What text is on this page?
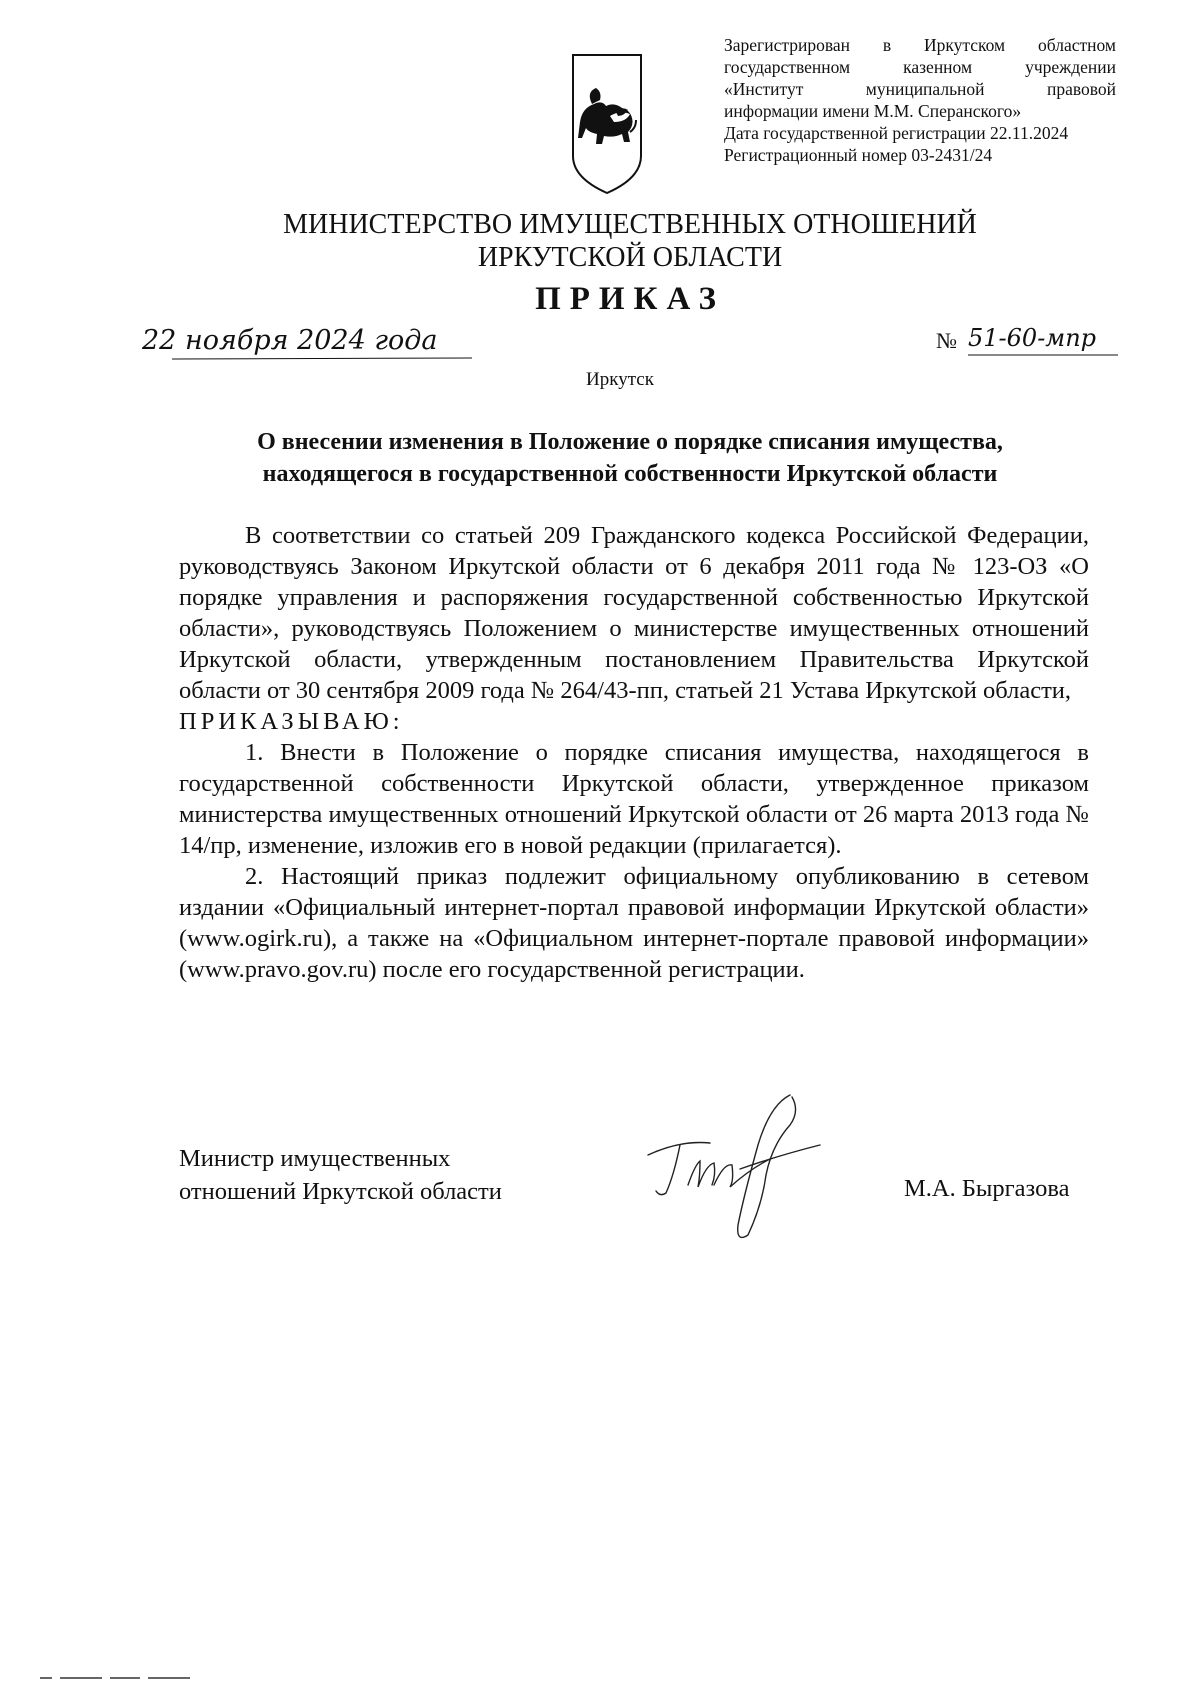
Зарегистрирован в Иркутском областном
государственном казенном учреждении
«Институт муниципальной правовой
информации имени М.М. Сперанского»
Дата государственной регистрации 22.11.2024
Регистрационный номер 03-2431/24
МИНИСТЕРСТВО ИМУЩЕСТВЕННЫХ ОТНОШЕНИЙ
ИРКУТСКОЙ ОБЛАСТИ
ПРИКАЗ
22 ноября 2024 года	№ 51-60-мпр
Иркутск
О внесении изменения в Положение о порядке списания имущества,
находящегося в государственной собственности Иркутской области

В соответствии со статьей 209 Гражданского кодекса Российской Федерации, руководствуясь Законом Иркутской области от 6 декабря 2011 года № 123-ОЗ «О порядке управления и распоряжения государственной собственностью Иркутской области», руководствуясь Положением о министерстве имущественных отношений Иркутской области, утвержденным постановлением Правительства Иркутской области от 30 сентября 2009 года № 264/43-пп, статьей 21 Устава Иркутской области,

ПРИКАЗЫВАЮ:

1. Внести в Положение о порядке списания имущества, находящегося в государственной собственности Иркутской области, утвержденное приказом министерства имущественных отношений Иркутской области от 26 марта 2013 года № 14/пр, изменение, изложив его в новой редакции (прилагается).

2. Настоящий приказ подлежит официальному опубликованию в сетевом издании «Официальный интернет-портал правовой информации Иркутской области» (www.ogirk.ru), а также на «Официальном интернет-портале правовой информации» (www.pravo.gov.ru) после его государственной регистрации.

Министр имущественных
отношений Иркутской области	М.А. Быргазова
